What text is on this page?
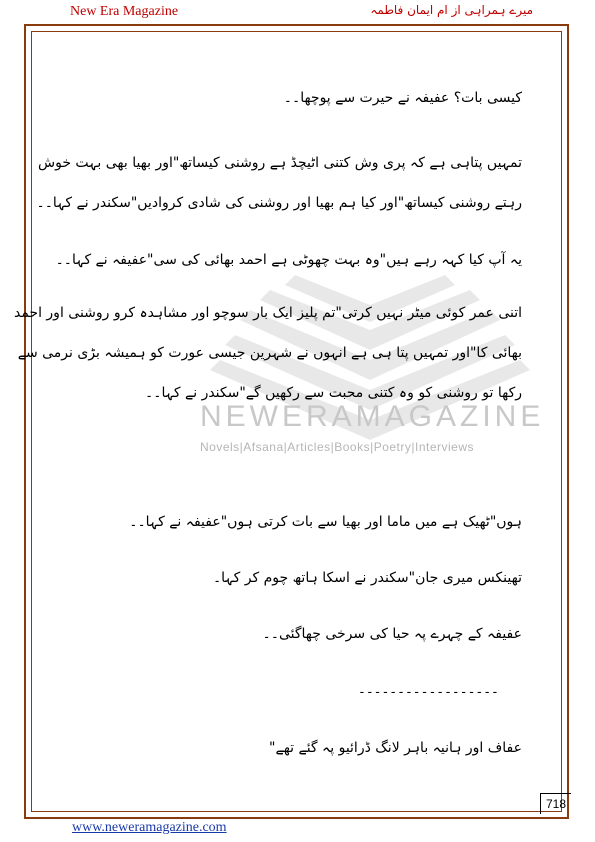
New Era Magazine	میرے ہمراہی از ام ایمان فاطمہ
NEWERAMAGAZINE
Novels|Afsana|Articles|Books|Poetry|Interviews
کیسی بات؟ عفیفہ نے حیرت سے پوچھا۔۔
تمہیں پتاہی ہے کہ پری وش کتنی اٹیچڈ ہے روشنی کیساتھ"اور بھیا بھی بہت خوش
رہتے روشنی کیساتھ"اور کیا ہم بھیا اور روشنی کی شادی کروادیں"سکندر نے کہا۔۔
یہ آپ کیا کہہ رہے ہیں"وہ بہت چھوٹی ہے احمد بھائی کی سی"عفیفہ نے کہا۔۔
اتنی عمر کوئی میٹر نہیں کرتی"تم پلیز ایک بار سوچو اور مشاہدہ کرو روشنی اور احمد
بھائی کا"اور تمہیں پتا ہی ہے انہوں نے شہرین جیسی عورت کو ہمیشہ بڑی نرمی سے
رکھا تو روشنی کو وہ کتنی محبت سے رکھیں گے"سکندر نے کہا۔۔
ہوں"ٹھیک ہے میں ماما اور بھیا سے بات کرتی ہوں"عفیفہ نے کہا۔۔
تھینکس میری جان"سکندر نے اسکا ہاتھ چوم کر کہا۔
عفیفہ کے چہرے پہ حیا کی سرخی چھاگئی۔۔
------------------
عفاف اور ہانیہ باہر لانگ ڈرائیو پہ گئے تھے"
718
www.neweramagazine.com
